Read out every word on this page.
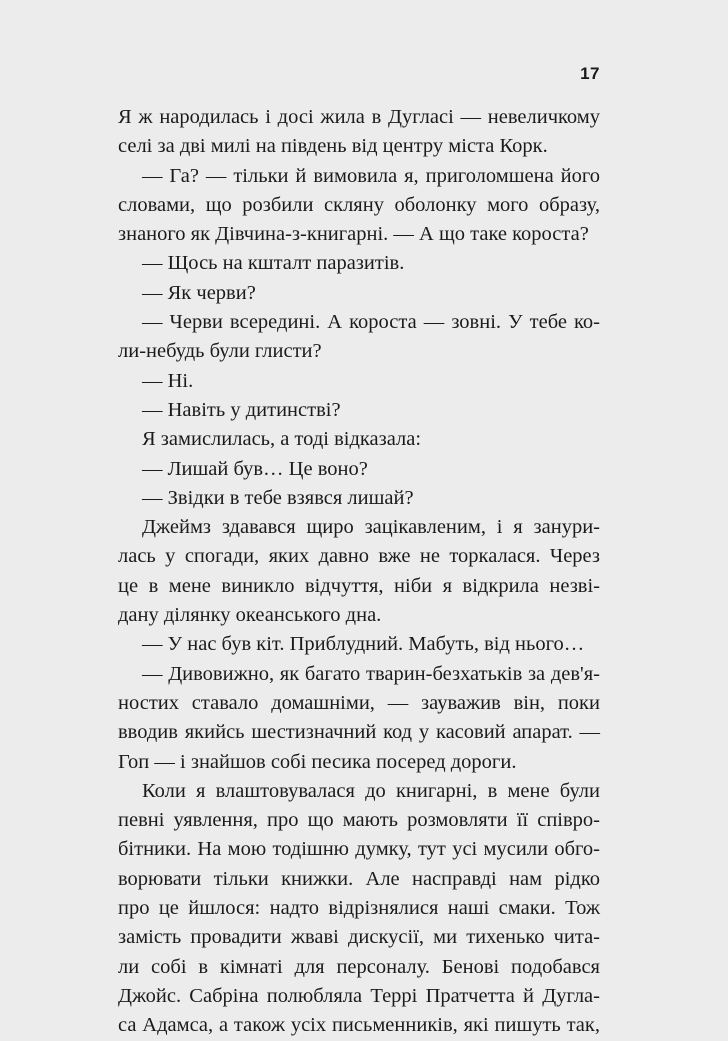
17
Я ж народилась і досі жила в Дугласі — невеличкому
селі за дві милі на південь від центру міста Корк.
— Га? — тільки й вимовила я, приголомшена його
словами, що розбили скляну оболонку мого образу,
знаного як Дівчина-з-книгарні. — А що таке короста?
— Щось на кшталт паразитів.
— Як черви?
— Черви всередині. А короста — зовні. У тебе ко-
ли-небудь були глисти?
— Ні.
— Навіть у дитинстві?
Я замислилась, а тоді відказала:
— Лишай був… Це воно?
— Звідки в тебе взявся лишай?
Джеймз здавався щиро зацікавленим, і я занури-
лась у спогади, яких давно вже не торкалася. Через
це в мене виникло відчуття, ніби я відкрила незві-
дану ділянку океанського дна.
— У нас був кіт. Приблудний. Мабуть, від нього…
— Дивовижно, як багато тварин-безхатьків за дев'я-
ностих ставало домашніми, — зауважив він, поки
вводив якийсь шестизначний код у касовий апарат. —
Гоп — і знайшов собі песика посеред дороги.
Коли я влаштовувалася до книгарні, в мене були
певні уявлення, про що мають розмовляти її співро-
бітники. На мою тодішню думку, тут усі мусили обго-
ворювати тільки книжки. Але насправді нам рідко
про це йшлося: надто відрізнялися наші смаки. Тож
замість провадити жваві дискусії, ми тихенько чита-
ли собі в кімнаті для персоналу. Бенові подобався
Джойс. Сабріна полюбляла Террі Пратчетта й Дугла-
са Адамса, а також усіх письменників, які пишуть так,
